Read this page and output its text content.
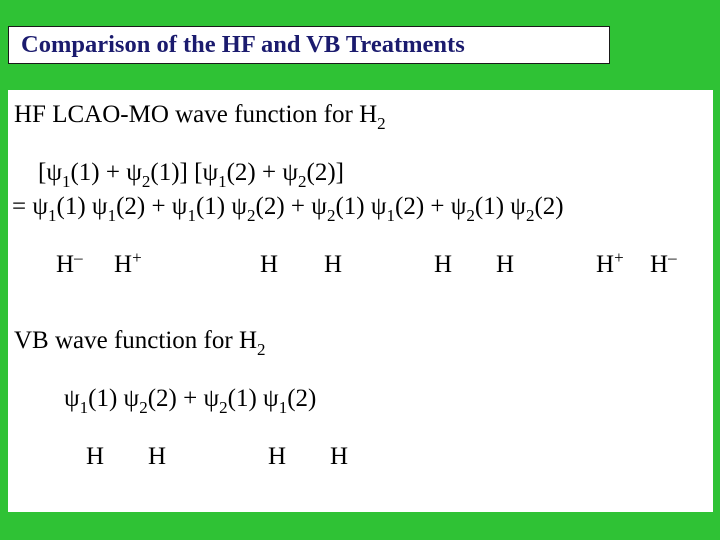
Comparison of the HF and VB Treatments
HF LCAO-MO wave function for $H_2$
$[\psi_1(1) + \psi_2(1)] [\psi_1(2) + \psi_2(2)]$
= $\psi_1(1) \psi_1(2) + \psi_1(1) \psi_2(2) + \psi_2(1) \psi_1(2) + \psi_2(1)$ $\psi_2(2)$
H– H+	H H	H H	H+ H–
VB wave function for $H_2$
$\psi_1(1) \psi_2(2) + \psi_2(1)$ $\psi_1(2)$
H H	H H
